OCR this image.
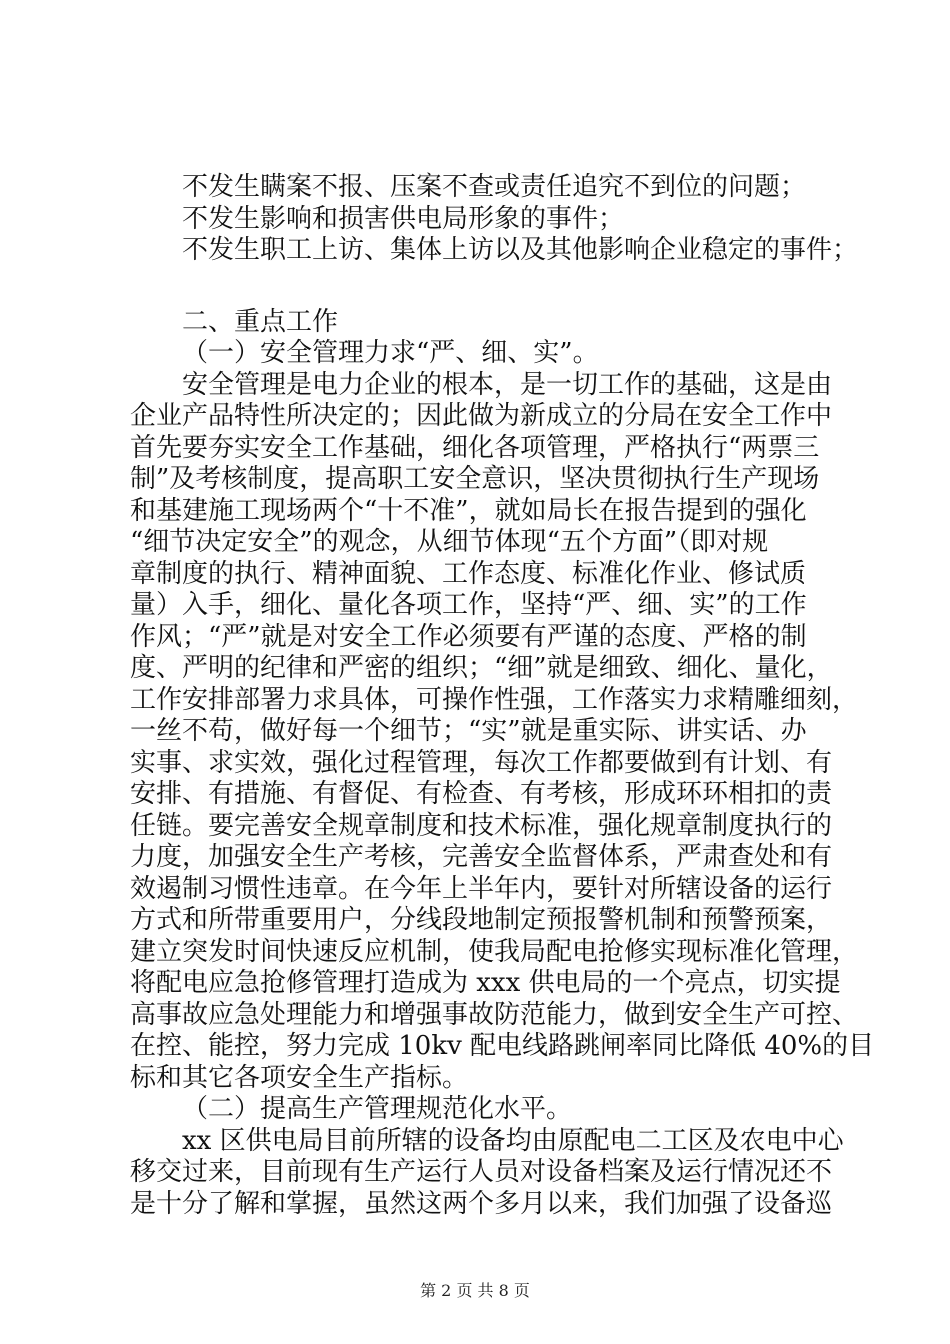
不发生瞒案不报、压案不查或责任追究不到位的问题；
不发生影响和损害供电局形象的事件；
不发生职工上访、集体上访以及其他影响企业稳定的事件；
二、重点工作
（一）安全管理力求“严、细、实”。
安全管理是电力企业的根本，是一切工作的基础，这是由
企业产品特性所决定的；因此做为新成立的分局在安全工作中
首先要夯实安全工作基础，细化各项管理，严格执行“两票三
制”及考核制度，提高职工安全意识，坚决贯彻执行生产现场
和基建施工现场两个“十不准”，就如局长在报告提到的强化
“细节决定安全”的观念，从细节体现“五个方面”（即对规
章制度的执行、精神面貌、工作态度、标准化作业、修试质
量）入手，细化、量化各项工作，坚持“严、细、实”的工作
作风；“严”就是对安全工作必须要有严谨的态度、严格的制
度、严明的纪律和严密的组织；“细”就是细致、细化、量化，
工作安排部署力求具体，可操作性强，工作落实力求精雕细刻，
一丝不苟，做好每一个细节；“实”就是重实际、讲实话、办
实事、求实效，强化过程管理，每次工作都要做到有计划、有
安排、有措施、有督促、有检查、有考核，形成环环相扣的责
任链。要完善安全规章制度和技术标准，强化规章制度执行的
力度，加强安全生产考核，完善安全监督体系，严肃查处和有
效遏制习惯性违章。在今年上半年内，要针对所辖设备的运行
方式和所带重要用户，分线段地制定预报警机制和预警预案，
建立突发时间快速反应机制，使我局配电抢修实现标准化管理，
将配电应急抢修管理打造成为 xxx 供电局的一个亮点，切实提
高事故应急处理能力和增强事故防范能力，做到安全生产可控、
在控、能控，努力完成 10kv 配电线路跳闸率同比降低 40%的目
标和其它各项安全生产指标。
（二）提高生产管理规范化水平。
xx 区供电局目前所辖的设备均由原配电二工区及农电中心
移交过来，目前现有生产运行人员对设备档案及运行情况还不
是十分了解和掌握，虽然这两个多月以来，我们加强了设备巡
第 2 页 共 8 页
